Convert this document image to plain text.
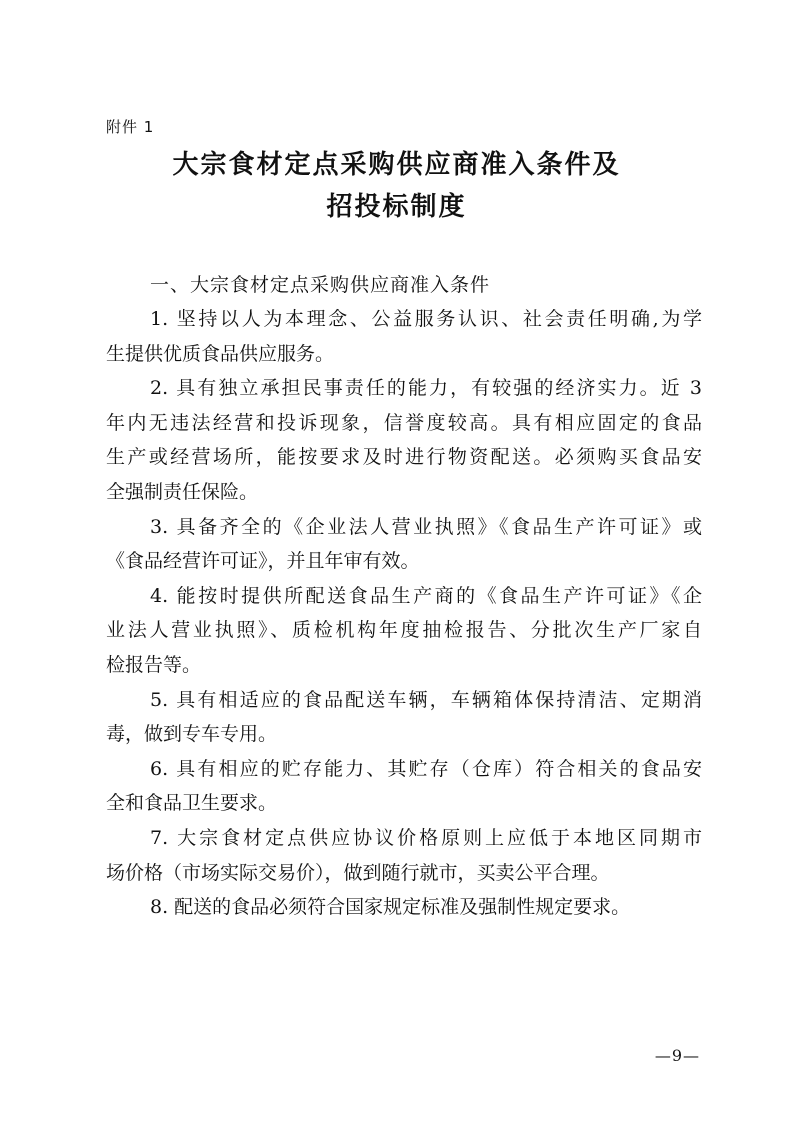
附件 1
大宗食材定点采购供应商准入条件及
招投标制度
一、大宗食材定点采购供应商准入条件
1. 坚持以人为本理念、公益服务认识、社会责任明确,为学
生提供优质食品供应服务。
2. 具有独立承担民事责任的能力，有较强的经济实力。近 3
年内无违法经营和投诉现象，信誉度较高。具有相应固定的食品
生产或经营场所，能按要求及时进行物资配送。必须购买食品安
全强制责任保险。
3. 具备齐全的《企业法人营业执照》《食品生产许可证》或
《食品经营许可证》，并且年审有效。
4. 能按时提供所配送食品生产商的《食品生产许可证》《企
业法人营业执照》、质检机构年度抽检报告、分批次生产厂家自
检报告等。
5. 具有相适应的食品配送车辆，车辆箱体保持清洁、定期消
毒，做到专车专用。
6. 具有相应的贮存能力、其贮存（仓库）符合相关的食品安
全和食品卫生要求。
7. 大宗食材定点供应协议价格原则上应低于本地区同期市
场价格（市场实际交易价），做到随行就市，买卖公平合理。
8. 配送的食品必须符合国家规定标准及强制性规定要求。
—9—
